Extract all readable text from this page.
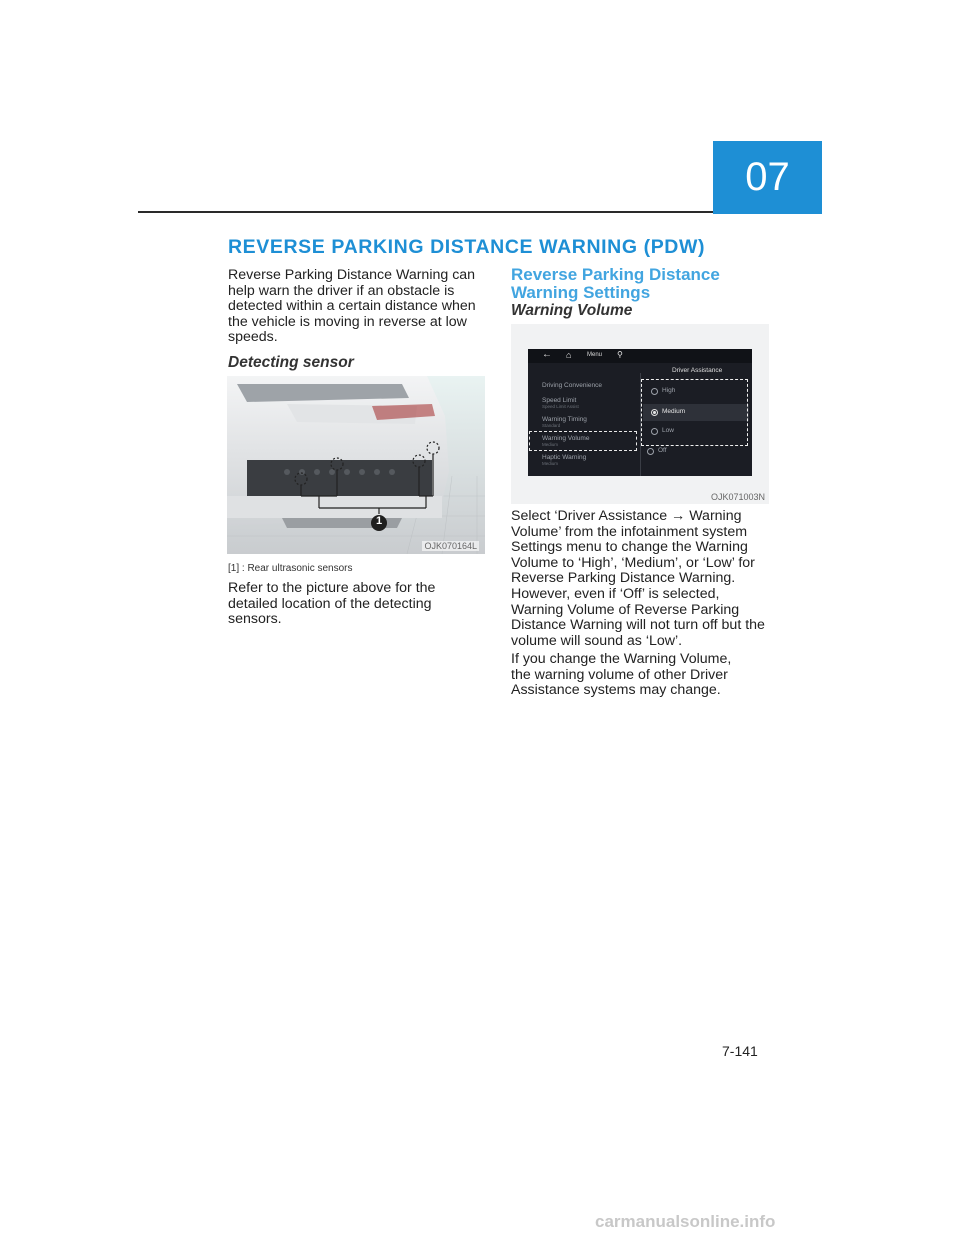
07
REVERSE PARKING DISTANCE WARNING (PDW)

Reverse Parking Distance Warning can help warn the driver if an obstacle is detected within a certain distance when the vehicle is moving in reverse at low speeds.

Detecting sensor
1
OJK070164L
[1] : Rear ultrasonic sensors

Refer to the picture above for the detailed location of the detecting sensors.

Reverse Parking Distance Warning Settings
Warning Volume
← ⌂	Menu ⚲
Driver Assistance
Driving Convenience
Speed Limit
Speed Limit Assist
Warning Timing
Standard
Warning Volume
Medium
Haptic Warning
Medium
High
Medium
Low
Off
OJK071003N

Select ‘Driver Assistance → Warning Volume’ from the infotainment system Settings menu to change the Warning Volume to ‘High’, ‘Medium’, or ‘Low’ for Reverse Parking Distance Warning.

However, even if ‘Off’ is selected, Warning Volume of Reverse Parking Distance Warning will not turn off but the volume will sound as ‘Low’.

If you change the Warning Volume, the warning volume of other Driver Assistance systems may change.

7-141
carmanualsonline.info
